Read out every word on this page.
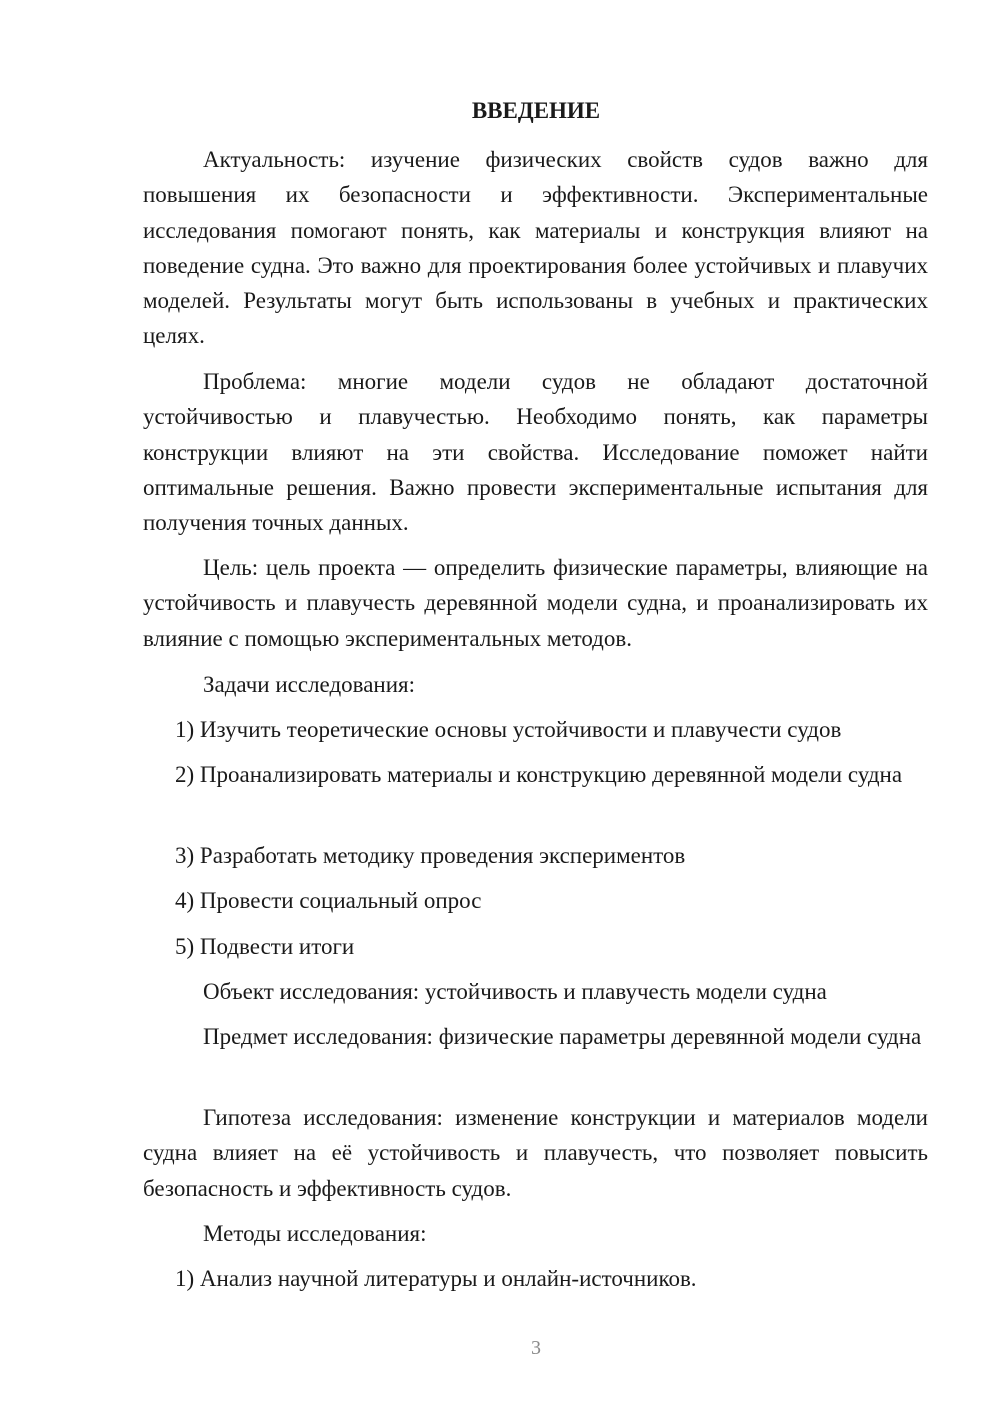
ВВЕДЕНИЕ

Актуальность: изучение физических свойств судов важно для повышения их безопасности и эффективности. Экспериментальные исследования помогают понять, как материалы и конструкция влияют на поведение судна. Это важно для проектирования более устойчивых и плавучих моделей. Результаты могут быть использованы в учебных и практических целях.

Проблема: многие модели судов не обладают достаточной устойчивостью и плавучестью. Необходимо понять, как параметры конструкции влияют на эти свойства. Исследование поможет найти оптимальные решения. Важно провести экспериментальные испытания для получения точных данных.

Цель: цель проекта — определить физические параметры, влияющие на устойчивость и плавучесть деревянной модели судна, и проанализировать их влияние с помощью экспериментальных методов.

Задачи исследования:

1) Изучить теоретические основы устойчивости и плавучести судов

2) Проанализировать материалы и конструкцию деревянной модели судна

3) Разработать методику проведения экспериментов

4) Провести социальный опрос

5) Подвести итоги

Объект исследования: устойчивость и плавучесть модели судна

Предмет исследования: физические параметры деревянной модели судна

Гипотеза исследования: изменение конструкции и материалов модели судна влияет на её устойчивость и плавучесть, что позволяет повысить безопасность и эффективность судов.

Методы исследования:

1) Анализ научной литературы и онлайн-источников.

3
